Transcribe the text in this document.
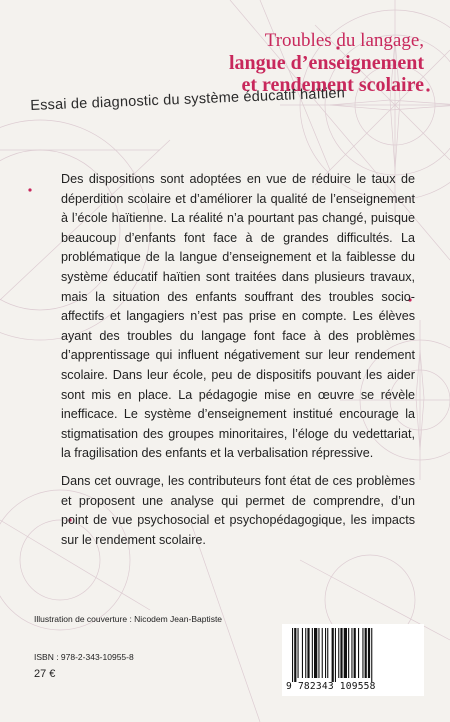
Troubles du langage,
langue d’enseignement
et rendement scolaire
Essai de diagnostic du système éducatif haïtien

Des dispositions sont adoptées en vue de réduire le taux de déperdition scolaire et d’améliorer la qualité de l’enseignement à l’école haïtienne. La réalité n’a pourtant pas changé, puisque beaucoup d’enfants font face à de grandes difficultés. La problématique de la langue d’enseignement et la faiblesse du système éducatif haïtien sont traitées dans plusieurs travaux, mais la situation des enfants souffrant des troubles socio-affectifs et langagiers n’est pas prise en compte. Les élèves ayant des troubles du langage font face à des problèmes d’apprentissage qui influent négativement sur leur rendement scolaire. Dans leur école, peu de dispositifs pouvant les aider sont mis en place. La pédagogie mise en œuvre se révèle inefficace. Le système d’enseignement institué encourage la stigmatisation des groupes minoritaires, l’éloge du vedettariat, la fragilisation des enfants et la verbalisation répressive.

Dans cet ouvrage, les contributeurs font état de ces problèmes et proposent une analyse qui permet de comprendre, d’un point de vue psychosocial et psychopédagogique, les impacts sur le rendement scolaire.

Illustration de couverture : Nicodem Jean-Baptiste
ISBN : 978-2-343-10955-8
27 €
9 782343 109558
